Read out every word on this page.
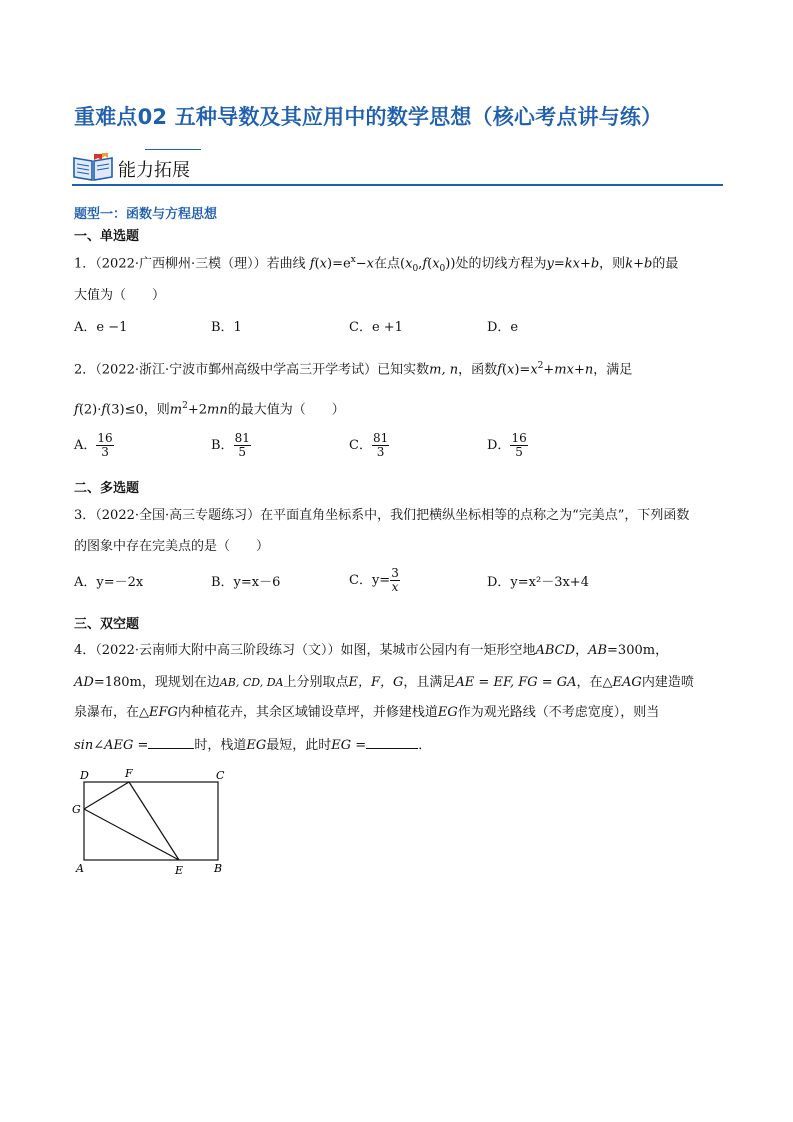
重难点02 五种导数及其应用中的数学思想（核心考点讲与练）
能力拓展
题型一：函数与方程思想
一、单选题
1．（2022·广西柳州·三模（理））若曲线 $f(x)=e^x-x$在点$(x_0,f(x_0))$处的切线方程为y=kx+b，则k+b的最
大值为（　　）
A．e −1	B．1	C．e +1	D．e
2．（2022·浙江·宁波市鄞州高级中学高三开学考试）已知实数m, n，函数$f(x)=x^2+mx+n$，满足
f(2)·f(3)≤0，则$m^2+2mn$的最大值为（　　）
A． $\frac{16}{3}$	B． $\frac{81}{5}$	C． $\frac{81}{3}$	D． $\frac{16}{5}$
二、多选题
3．（2022·全国·高三专题练习）在平面直角坐标系中，我们把横纵坐标相等的点称之为“完美点”，下列函数
的图象中存在完美点的是（　　）
A．y=－2x	B．y=x－6	C．$y= \frac{3}{x}$	D．y=x²－3x+4
三、双空题
4．（2022·云南师大附中高三阶段练习（文））如图，某城市公园内有一矩形空地ABCD，AB=300m，
AD=180m，现规划在边AB, CD, DA上分别取点E，F，G，且满足AE = EF, FG = GA，在△EAG内建造喷
泉瀑布，在△EFG内种植花卉，其余区域铺设草坪，并修建栈道EG作为观光路线（不考虑宽度），则当
sin∠AEG =	时，栈道EG最短，此时EG =	．
D	F	C
G
A	E	B
